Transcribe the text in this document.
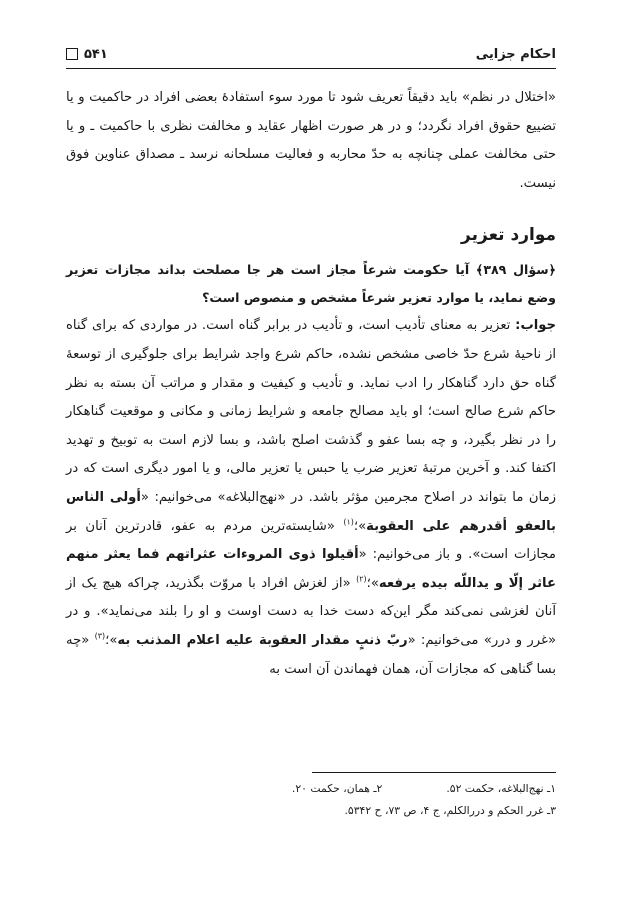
احکام جزایی
۵۴۱

«اختلال در نظم» باید دقیقاً تعریف شود تا مورد سوء استفادهٔ بعضی افراد در حاکمیت و یا تضییع حقوق افراد نگردد؛ و در هر صورت اظهار عقاید و مخالفت نظری با حاکمیت ـ و یا حتی مخالفت عملی چنانچه به حدّ محاربه و فعالیت مسلحانه نرسد ـ مصداق عناوین فوق نیست.

موارد تعزیر

﴿سؤال ۳۸۹﴾ آیا حکومت شرعاً مجاز است هر جا مصلحت بداند مجازات تعزیر وضع نماید، یا موارد تعزیر شرعاً مشخص و منصوص است؟

جواب: تعزیر به معنای تأدیب است، و تأدیب در برابر گناه است. در مواردی که برای گناه از ناحیهٔ شرع حدّ خاصی مشخص نشده، حاکم شرع واجد شرایط برای جلوگیری از توسعهٔ گناه حق دارد گناهکار را ادب نماید. و تأدیب و کیفیت و مقدار و مراتب آن بسته به نظر حاکم شرع صالح است؛ او باید مصالح جامعه و شرایط زمانی و مکانی و موقعیت گناهکار را در نظر بگیرد، و چه بسا عفو و گذشت اصلح باشد، و بسا لازم است به توبیخ و تهدید اکتفا کند. و آخرین مرتبهٔ تعزیر ضرب یا حبس یا تعزیر مالی، و یا امور دیگری است که در زمان ما بتواند در اصلاح مجرمین مؤثر باشد. در «نهج‌البلاغه» می‌خوانیم: «أولی الناس بالعفو أقدرهم علی العقوبة»؛$^{(۱)}$ «شایسته‌ترین مردم به عفو، قادرترین آنان بر مجازات است». و باز می‌خوانیم: «أقیلوا ذوی المروءات عثراتهم فما یعثر منهم عاثر إلّا و یداللّه بیده یرفعه»؛$^{(۲)}$ «از لغزش افراد با مروّت بگذرید، چراکه هیچ یک از آنان لغزشی نمی‌کند مگر این‌که دست خدا به دست اوست و او را بلند می‌نماید». و در «غرر و درر» می‌خوانیم: «ربّ ذنبٍ مقدار العقوبة علیه اعلام المذنب به»؛$^{(۳)}$ «چه بسا گناهی که مجازات آن، همان فهماندن آن است به

۱ـ نهج‌البلاغه، حکمت ۵۲.
۲ـ همان، حکمت ۲۰.
۳ـ غرر الحکم و دررالکلم، ج ۴، ص ۷۳، ح ۵۳۴۲.
